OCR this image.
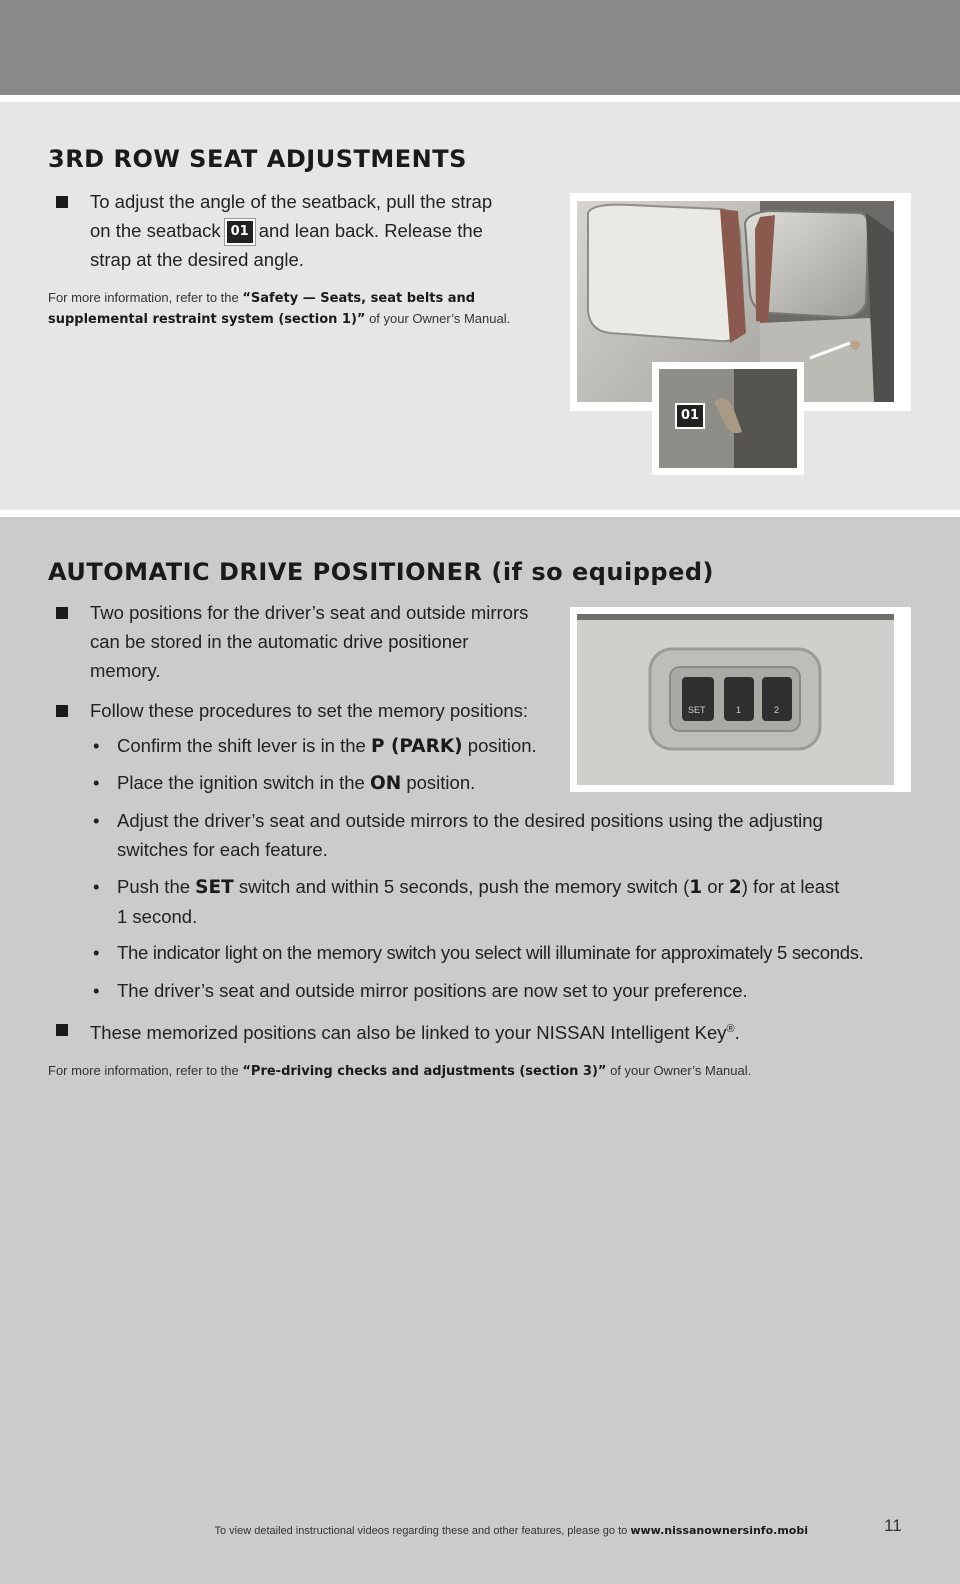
3RD ROW SEAT ADJUSTMENTS
To adjust the angle of the seatback, pull the strap
on the seatback 01 and lean back. Release the
strap at the desired angle.
For more information, refer to the “Safety — Seats, seat belts and
supplemental restraint system (section 1)” of your Owner’s Manual.
01
AUTOMATIC DRIVE POSITIONER (if so equipped)
Two positions for the driver’s seat and outside mirrors
can be stored in the automatic drive positioner
memory.
Follow these procedures to set the memory positions:
• Confirm the shift lever is in the P (PARK) position.
• Place the ignition switch in the ON position.
• Adjust the driver’s seat and outside mirrors to the desired positions using the adjusting
switches for each feature.
• Push the SET switch and within 5 seconds, push the memory switch (1 or 2) for at least
1 second.
• The indicator light on the memory switch you select will illuminate for approximately 5 seconds.
• The driver’s seat and outside mirror positions are now set to your preference.
These memorized positions can also be linked to your NISSAN Intelligent Key®.
For more information, refer to the “Pre-driving checks and adjustments (section 3)” of your Owner’s Manual.
SET	1	2
To view detailed instructional videos regarding these and other features, please go to www.nissanownersinfo.mobi	11
